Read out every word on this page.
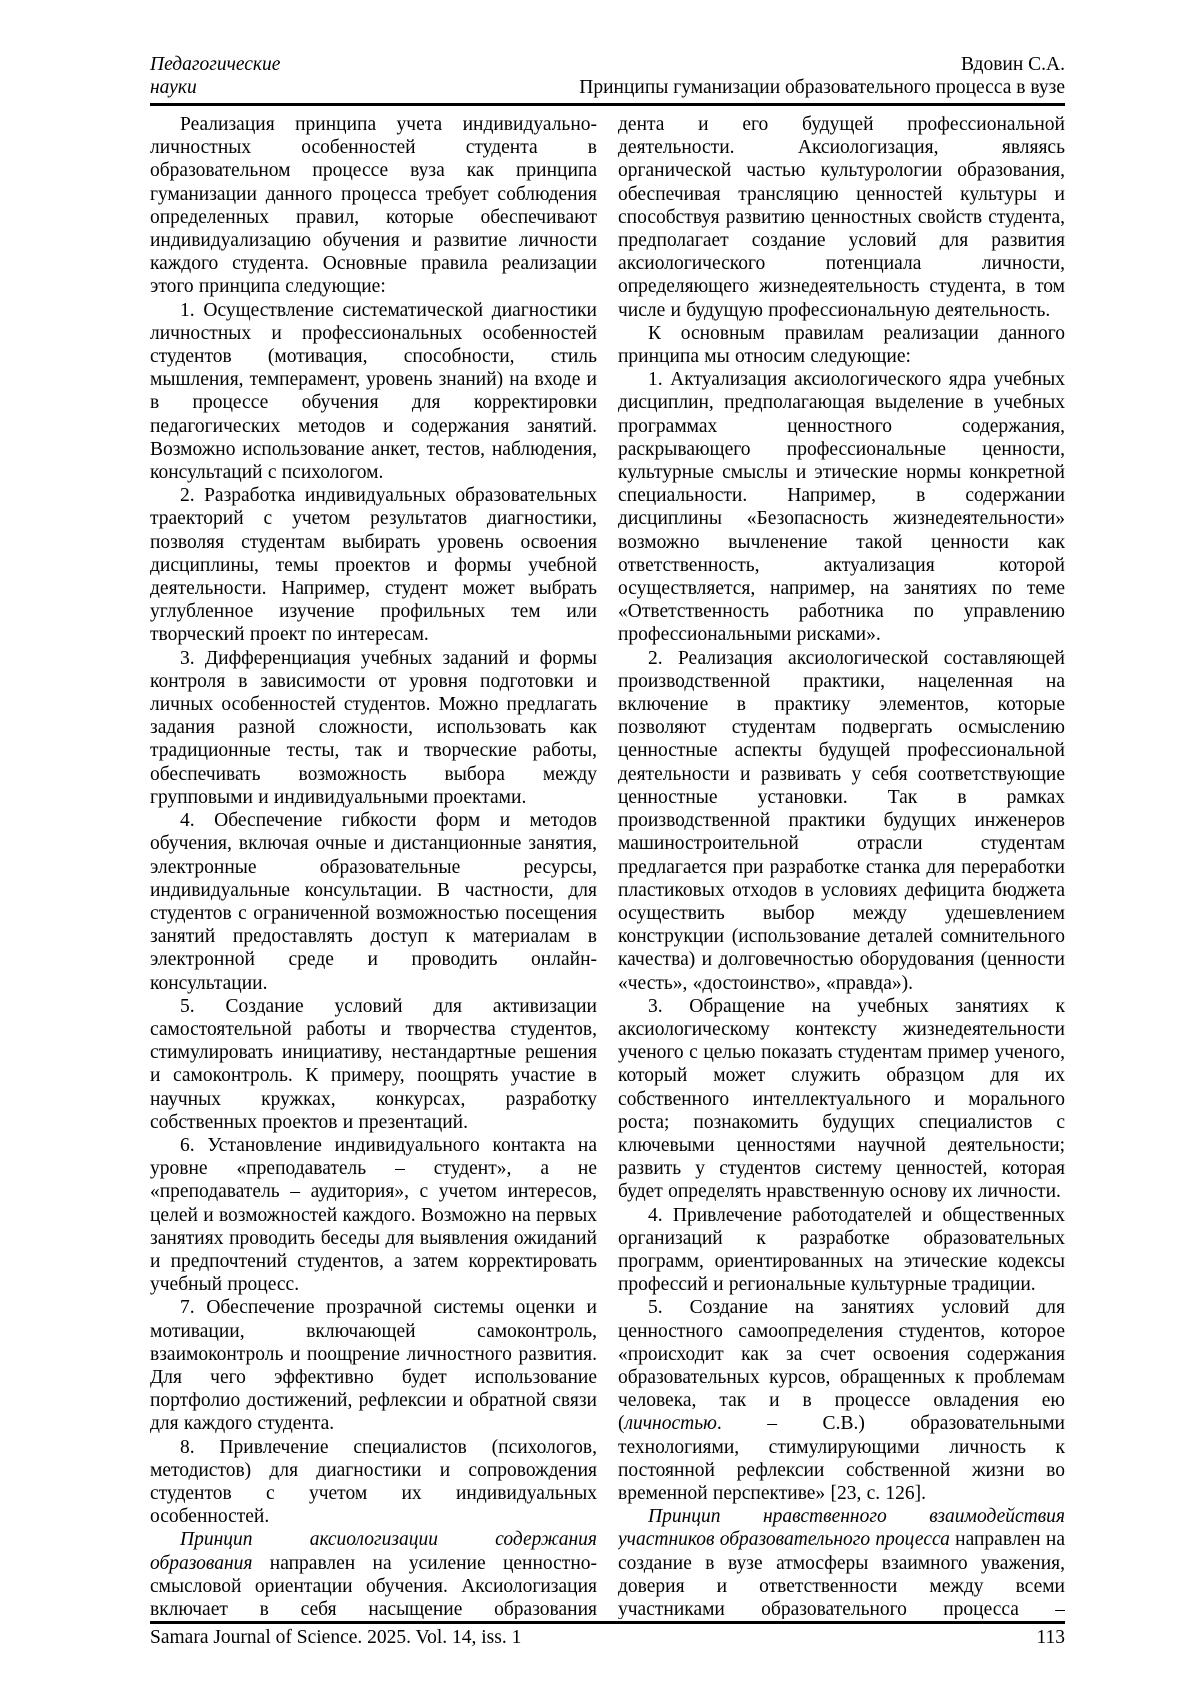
Педагогические
науки
Вдовин С.А.
Принципы гуманизации образовательного процесса в вузе

Реализация принципа учета индивидуально-личностных особенностей студента в образовательном процессе вуза как принципа гуманизации данного процесса требует соблюдения определенных правил, которые обеспечивают индивидуализацию обучения и развитие личности каждого студента. Основные правила реализации этого принципа следующие:

1. Осуществление систематической диагностики личностных и профессиональных особенностей студентов (мотивация, способности, стиль мышления, темперамент, уровень знаний) на входе и в процессе обучения для корректировки педагогических методов и содержания занятий. Возможно использование анкет, тестов, наблюдения, консультаций с психологом.

2. Разработка индивидуальных образовательных траекторий с учетом результатов диагностики, позволяя студентам выбирать уровень освоения дисциплины, темы проектов и формы учебной деятельности. Например, студент может выбрать углубленное изучение профильных тем или творческий проект по интересам.

3. Дифференциация учебных заданий и формы контроля в зависимости от уровня подготовки и личных особенностей студентов. Можно предлагать задания разной сложности, использовать как традиционные тесты, так и творческие работы, обеспечивать возможность выбора между групповыми и индивидуальными проектами.

4. Обеспечение гибкости форм и методов обучения, включая очные и дистанционные занятия, электронные образовательные ресурсы, индивидуальные консультации. В частности, для студентов с ограниченной возможностью посещения занятий предоставлять доступ к материалам в электронной среде и проводить онлайн-консультации.

5. Создание условий для активизации самостоятельной работы и творчества студентов, стимулировать инициативу, нестандартные решения и самоконтроль. К примеру, поощрять участие в научных кружках, конкурсах, разработку собственных проектов и презентаций.

6. Установление индивидуального контакта на уровне «преподаватель – студент», а не «преподаватель – аудитория», с учетом интересов, целей и возможностей каждого. Возможно на первых занятиях проводить беседы для выявления ожиданий и предпочтений студентов, а затем корректировать учебный процесс.

7. Обеспечение прозрачной системы оценки и мотивации, включающей самоконтроль, взаимоконтроль и поощрение личностного развития. Для чего эффективно будет использование портфолио достижений, рефлексии и обратной связи для каждого студента.

8. Привлечение специалистов (психологов, методистов) для диагностики и сопровождения студентов с учетом их индивидуальных особенностей.

Принцип аксиологизации содержания образования направлен на усиление ценностно-смысловой ориентации обучения. Аксиологизация включает в себя насыщение образования

дента и его будущей профессиональной деятельности. Аксиологизация, являясь органической частью культурологии образования, обеспечивая трансляцию ценностей культуры и способствуя развитию ценностных свойств студента, предполагает создание условий для развития аксиологического потенциала личности, определяющего жизнедеятельность студента, в том числе и будущую профессиональную деятельность.

К основным правилам реализации данного принципа мы относим следующие:

1. Актуализация аксиологического ядра учебных дисциплин, предполагающая выделение в учебных программах ценностного содержания, раскрывающего профессиональные ценности, культурные смыслы и этические нормы конкретной специальности. Например, в содержании дисциплины «Безопасность жизнедеятельности» возможно вычленение такой ценности как ответственность, актуализация которой осуществляется, например, на занятиях по теме «Ответственность работника по управлению профессиональными рисками».

2. Реализация аксиологической составляющей производственной практики, нацеленная на включение в практику элементов, которые позволяют студентам подвергать осмыслению ценностные аспекты будущей профессиональной деятельности и развивать у себя соответствующие ценностные установки. Так в рамках производственной практики будущих инженеров машиностроительной отрасли студентам предлагается при разработке станка для переработки пластиковых отходов в условиях дефицита бюджета осуществить выбор между удешевлением конструкции (использование деталей сомнительного качества) и долговечностью оборудования (ценности «честь», «достоинство», «правда»).

3. Обращение на учебных занятиях к аксиологическому контексту жизнедеятельности ученого с целью показать студентам пример ученого, который может служить образцом для их собственного интеллектуального и морального роста; познакомить будущих специалистов с ключевыми ценностями научной деятельности; развить у студентов систему ценностей, которая будет определять нравственную основу их личности.

4. Привлечение работодателей и общественных организаций к разработке образовательных программ, ориентированных на этические кодексы профессий и региональные культурные традиции.

5. Создание на занятиях условий для ценностного самоопределения студентов, которое «происходит как за счет освоения содержания образовательных курсов, обращенных к проблемам человека, так и в процессе овладения ею (личностью. – С.В.) образовательными технологиями, стимулирующими личность к постоянной рефлексии собственной жизни во временной перспективе» [23, с. 126].

Принцип нравственного взаимодействия участников образовательного процесса направлен на создание в вузе атмосферы взаимного уважения, доверия и ответственности между всеми участниками образовательного процесса –

Samara Journal of Science. 2025. Vol. 14, iss. 1	113
